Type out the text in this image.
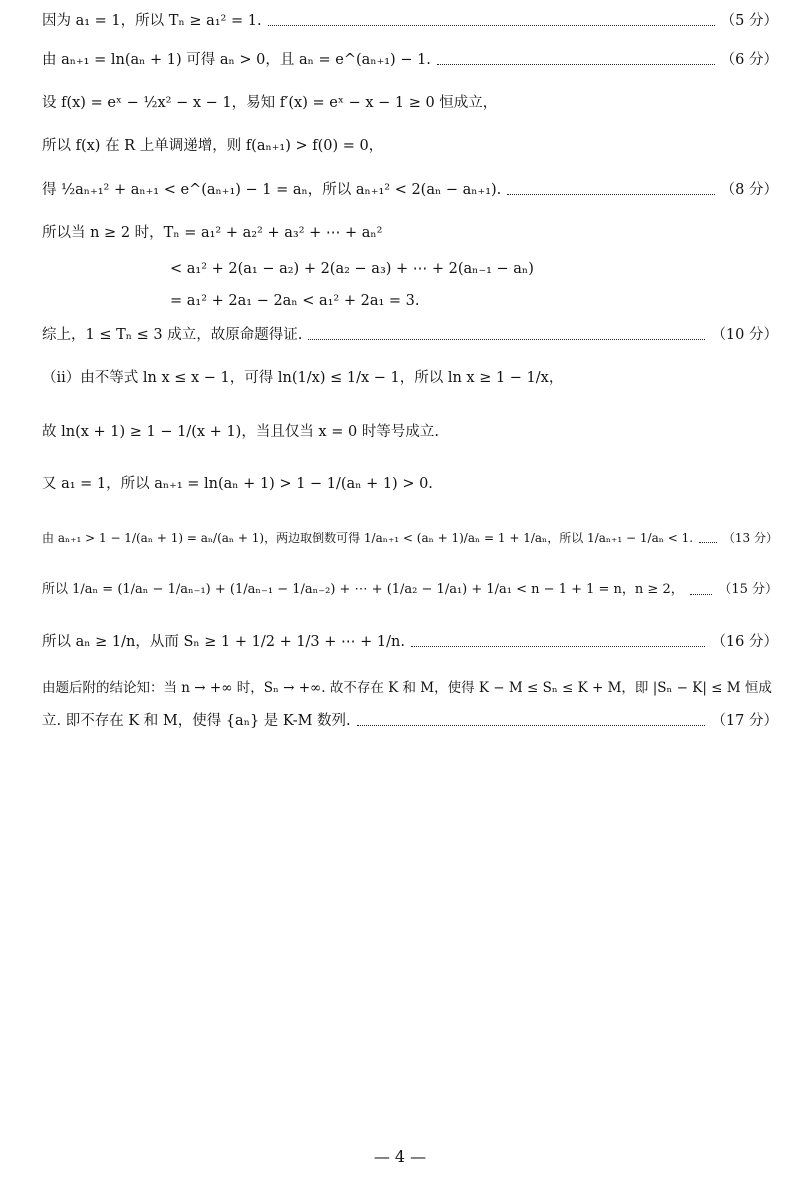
因为 a₁ = 1，所以 Tₙ ≥ a₁² = 1.	（5 分）
由 aₙ₊₁ = ln(aₙ + 1) 可得 aₙ > 0，且 aₙ = e^(aₙ₊₁) − 1.	（6 分）
设 f(x) = eˣ − ½x² − x − 1，易知 f′(x) = eˣ − x − 1 ≥ 0 恒成立，
所以 f(x) 在 R 上单调递增，则 f(aₙ₊₁) > f(0) = 0，
得 ½aₙ₊₁² + aₙ₊₁ < e^(aₙ₊₁) − 1 = aₙ，所以 aₙ₊₁² < 2(aₙ − aₙ₊₁).	（8 分）
所以当 n ≥ 2 时，Tₙ = a₁² + a₂² + a₃² + ⋯ + aₙ²
< a₁² + 2(a₁ − a₂) + 2(a₂ − a₃) + ⋯ + 2(aₙ₋₁ − aₙ)
= a₁² + 2a₁ − 2aₙ < a₁² + 2a₁ = 3.
综上，1 ≤ Tₙ ≤ 3 成立，故原命题得证.	（10 分）
（ⅱ）由不等式 ln x ≤ x − 1，可得 ln(1/x) ≤ 1/x − 1，所以 ln x ≥ 1 − 1/x，
故 ln(x + 1) ≥ 1 − 1/(x + 1)，当且仅当 x = 0 时等号成立.
又 a₁ = 1，所以 aₙ₊₁ = ln(aₙ + 1) > 1 − 1/(aₙ + 1) > 0.
由 aₙ₊₁ > 1 − 1/(aₙ + 1) = aₙ/(aₙ + 1)，两边取倒数可得 1/aₙ₊₁ < (aₙ + 1)/aₙ = 1 + 1/aₙ，所以 1/aₙ₊₁ − 1/aₙ < 1. （13 分）
所以 1/aₙ = (1/aₙ − 1/aₙ₋₁) + (1/aₙ₋₁ − 1/aₙ₋₂) + ⋯ + (1/a₂ − 1/a₁) + 1/a₁ < n − 1 + 1 = n，n ≥ 2，	（15 分）
所以 aₙ ≥ 1/n，从而 Sₙ ≥ 1 + 1/2 + 1/3 + ⋯ + 1/n.	（16 分）
由题后附的结论知：当 n → +∞ 时，Sₙ → +∞. 故不存在 K 和 M，使得 K − M ≤ Sₙ ≤ K + M，即 |Sₙ − K| ≤ M 恒成
立. 即不存在 K 和 M，使得 {aₙ} 是 K-M 数列.	（17 分）
— 4 —
